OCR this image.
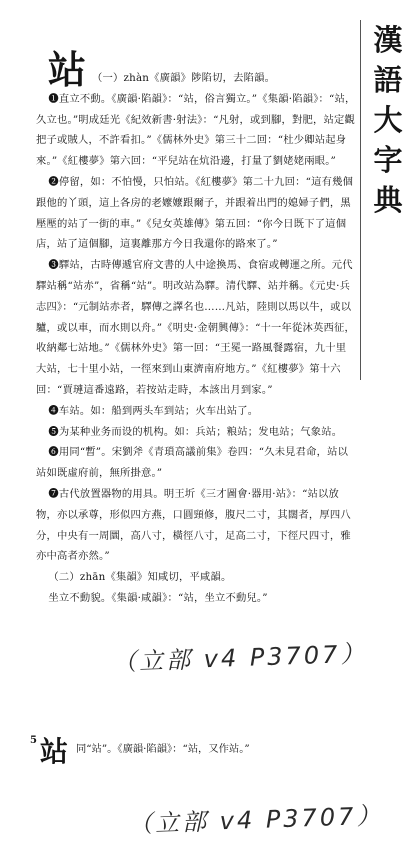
漢
語
大
字
典
站 （一）zhàn《廣韻》陟陷切，去陷韻。

❶直立不動。《廣韻·陷韻》：“站，俗言獨立。”《集韻·陷韻》：“站，久立也。”明成廷光《紀效新書·射法》：“凡射，或到腳，對肥，站定觀把子或賊人，不許看扣。”《儒林外史》第三十二回：“杜少卿站起身來。”《紅樓夢》第六回：“平兒站在炕沿邊，打量了劉姥姥兩眼。”

❷停留，如：不怕慢，只怕站。《紅樓夢》第二十九回：“這有幾個跟他的丫頭，這上各房的老嬤嬤跟爾子，并跟着出門的媳婦子們，黑壓壓的站了一街的車。”《兒女英雄傳》第五回：“你今日既下了這個店，站了這個腳，這裏離那方今日我還你的路來了。”

❸驛站，古時傳遞官府文書的人中途換馬、食宿或轉運之所。元代驛站稱“站赤”，省稱“站”。明改站為驛。清代驛、站并稱。《元史·兵志四》：“元制站赤者，驛傳之譯名也……凡站，陸則以馬以牛，或以驢，或以車，而水則以舟。”《明史·金朝興傳》：“十一年從沐英西征，收納鄰七站地。”《儒林外史》第一回：“王冕一路風餐露宿，九十里大站，七十里小站，一徑來到山東濟南府地方。”《紅樓夢》第十六回：“賈璉這番遠路，若按站走時，本該出月到家。”

❹车站。如：船到两头车到站；火车出站了。

❺为某种业务而设的机构。如：兵站；粮站；发电站；气象站。

❻用同“暫”。宋劉斧《青瑣高議前集》卷四：“久未見君命，站以站如既虛府前，無所掛意。”

❼古代放置器物的用具。明王圻《三才圖會·器用·站》：“站以放物，亦以承尊，形似四方燕，口圓頸修，腹尺二寸，其闊者，厚四八分，中央有一周圜，高八寸，橫徑八寸，足高二寸，下徑尺四寸，雅亦中高者亦然。”

（二）zhān《集韻》知咸切，平咸韻。

坐立不動貌。《集韻·咸韻》：“站，坐立不動兒。”

（立部 v4 P3707）
5 站 同“站”。《廣韻·陷韻》：“站，又作站。”
（立部 v4 P3707）
